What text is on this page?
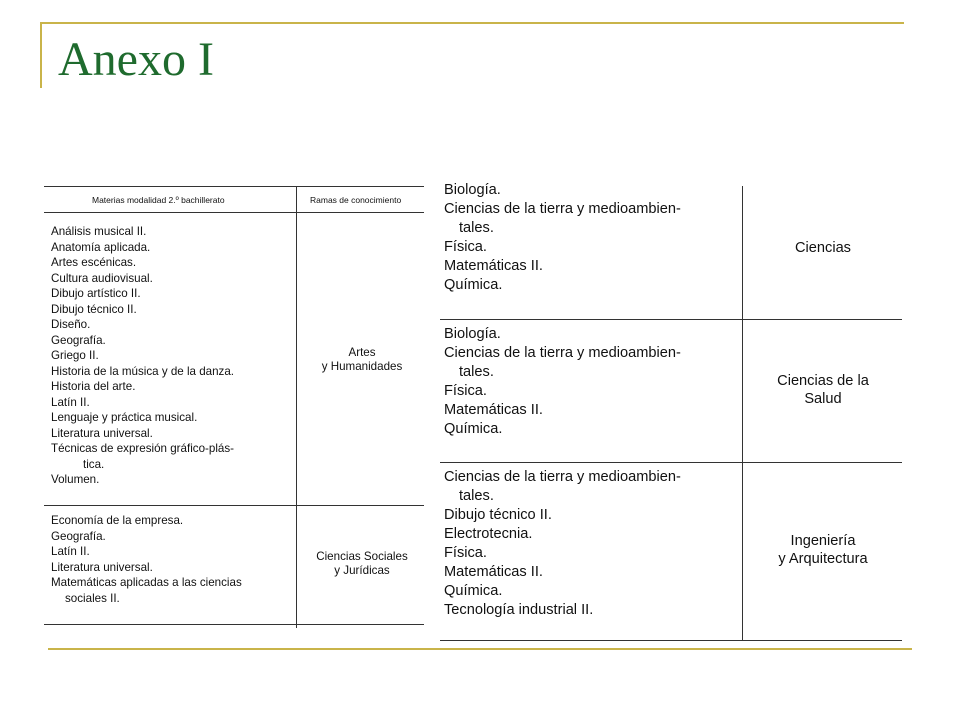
Anexo I
Materias modalidad 2.º bachillerato	Ramas de conocimiento
Análisis musical II.
Anatomía aplicada.
Artes escénicas.
Cultura audiovisual.
Dibujo artístico II.
Dibujo técnico II.
Diseño.
Geografía.
Griego II.
Historia de la música y de la danza.
Historia del arte.
Latín II.
Lenguaje y práctica musical.
Literatura universal.
Técnicas de expresión gráfico-plás-
tica.
Volumen.
Artes
y Humanidades
Economía de la empresa.
Geografía.
Latín II.
Literatura universal.
Matemáticas aplicadas a las ciencias
sociales II.
Ciencias Sociales
y Jurídicas
Biología.
Ciencias de la tierra y medioambien-
tales.
Física.
Matemáticas II.
Química.
Ciencias
Biología.
Ciencias de la tierra y medioambien-
tales.
Física.
Matemáticas II.
Química.
Ciencias de la
Salud
Ciencias de la tierra y medioambien-
tales.
Dibujo técnico II.
Electrotecnia.
Física.
Matemáticas II.
Química.
Tecnología industrial II.
Ingeniería
y Arquitectura
